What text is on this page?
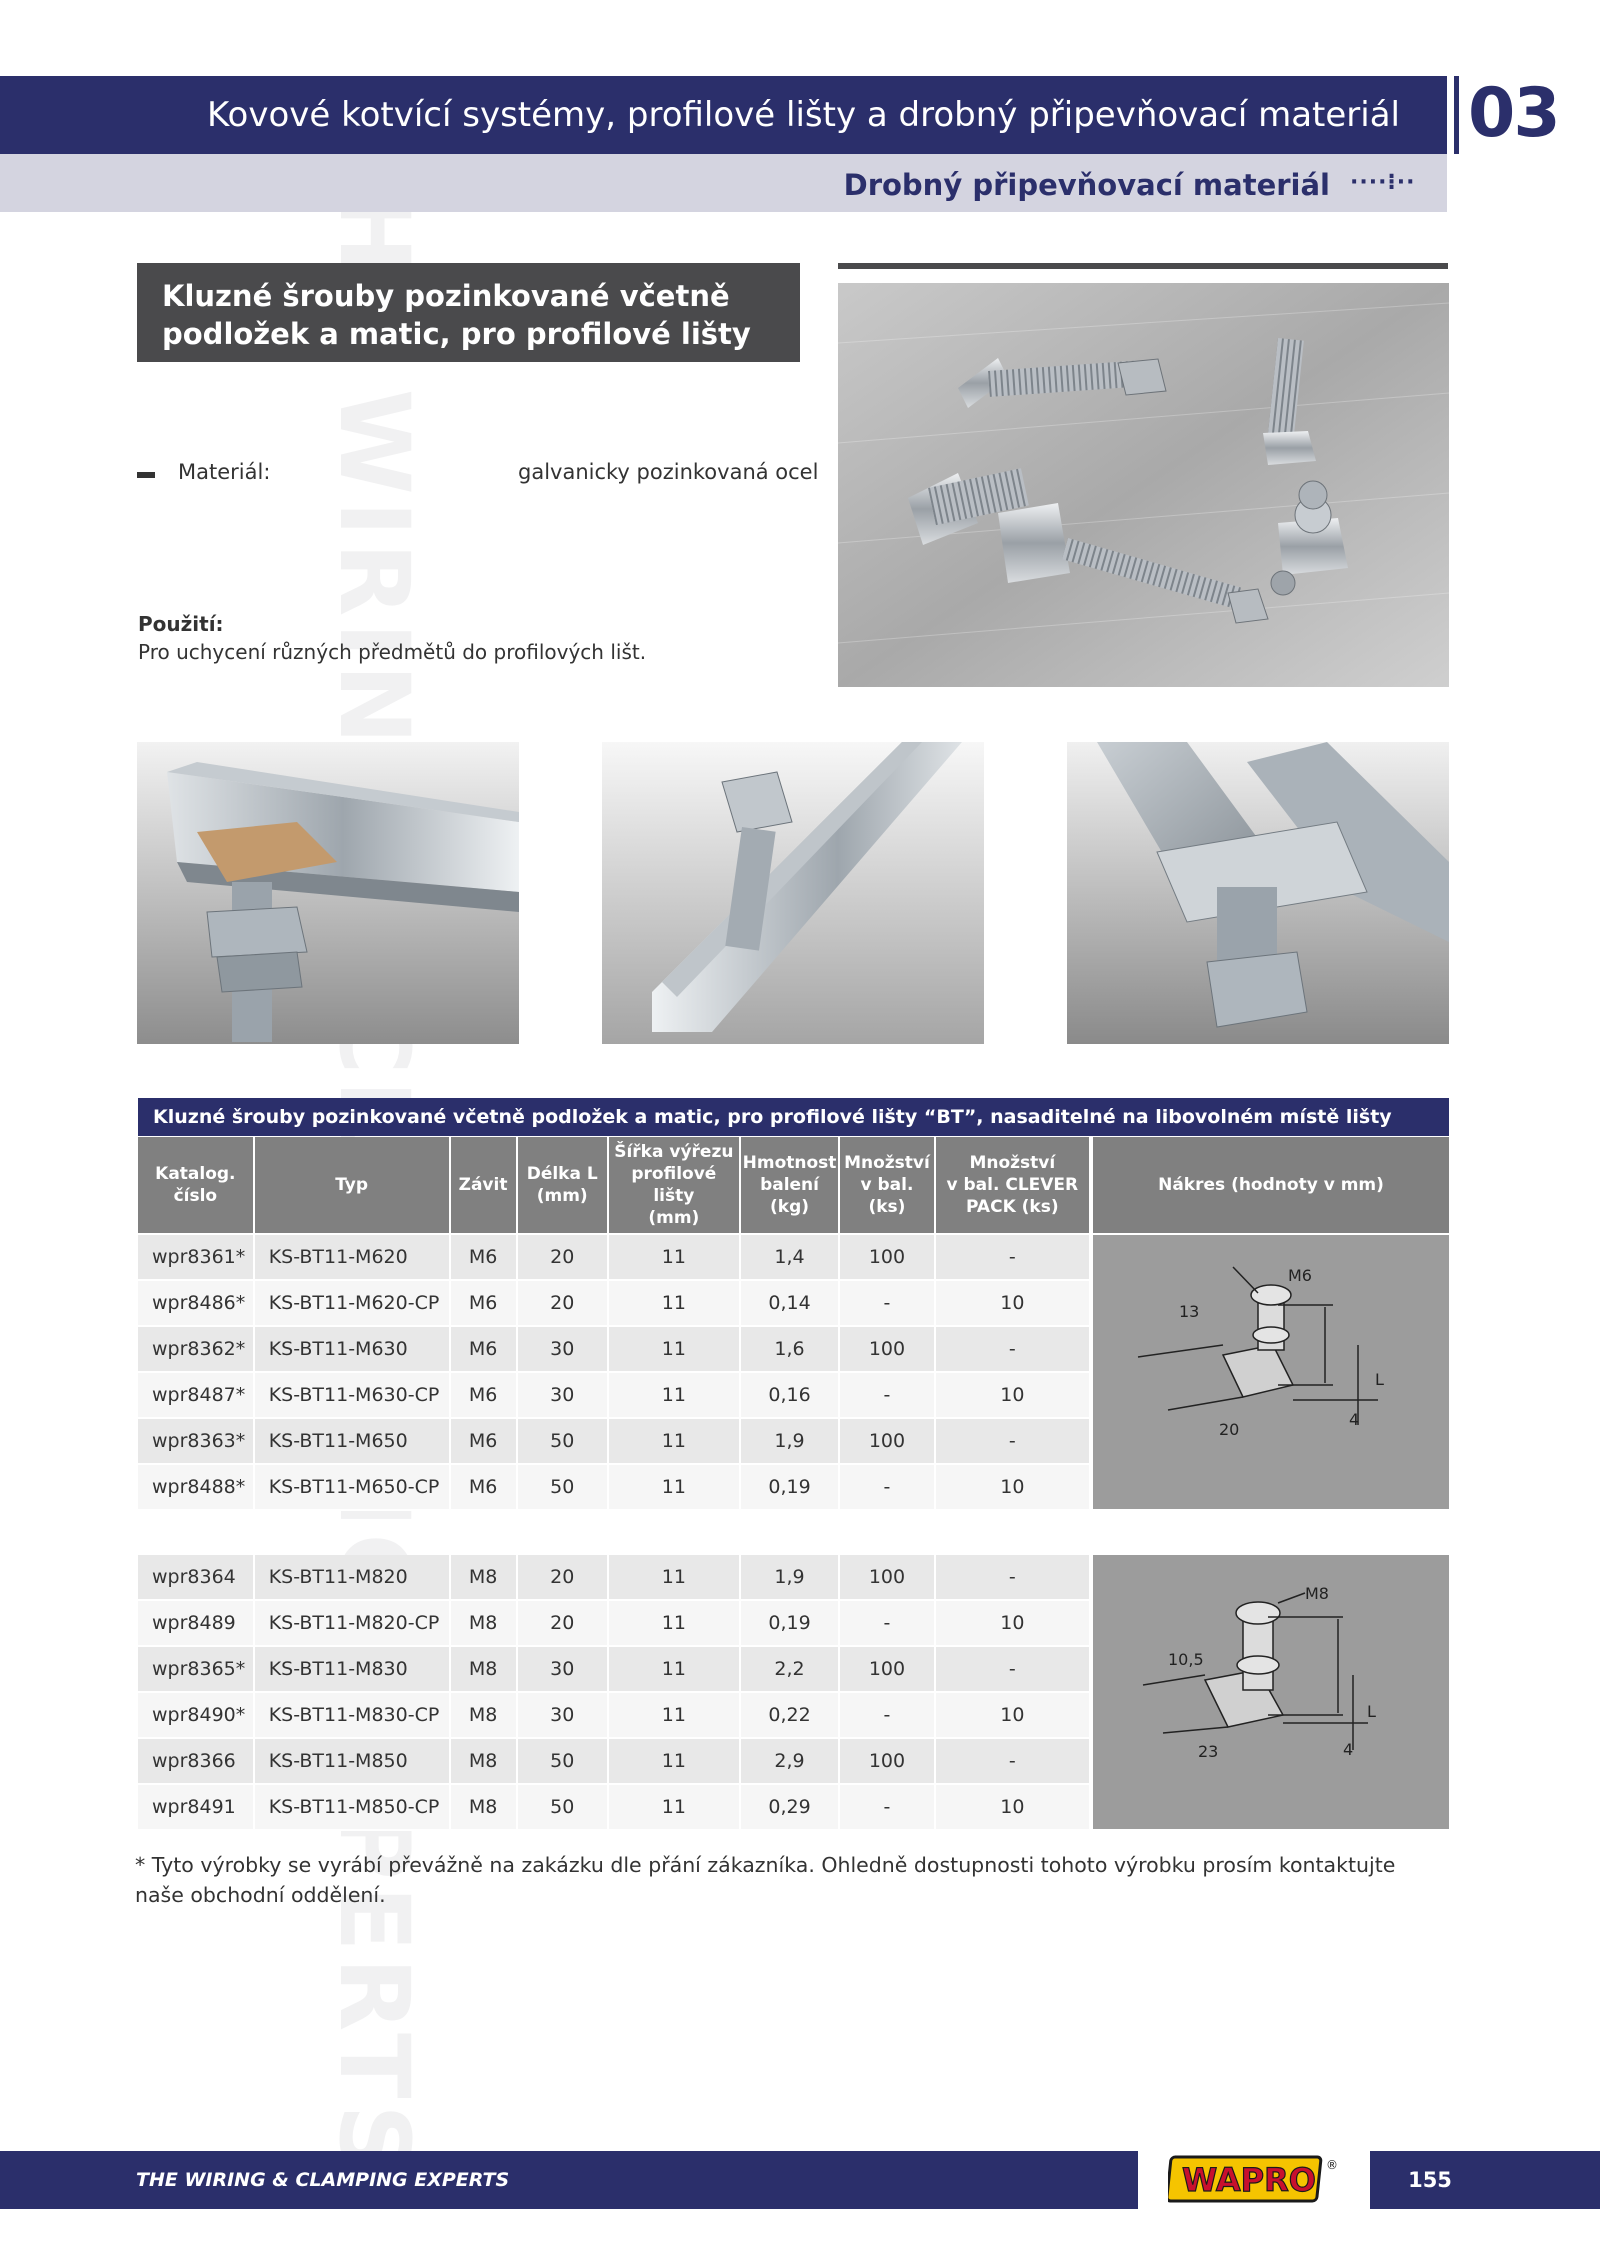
Kovové kotvící systémy, profilové lišty a drobný připevňovací materiál
Drobný připevňovací materiál ····⁝··
03
Kluzné šrouby pozinkované včetně
podložek a matic, pro profilové lišty
Materiál:	galvanicky pozinkovaná ocel
Použití:
Pro uchycení různých předmětů do profilových lišt.
Kluzné šrouby pozinkované včetně podložek a matic, pro profilové lišty “BT”, nasaditelné na libovolném místě lišty
Katalog.
číslo	Typ	Závit	Délka L
(mm)	Šířka výřezu
profilové lišty
(mm)	Hmotnost
balení
(kg)	Množství
v bal. (ks)	Množství
v bal. CLEVER
PACK (ks)
wpr8361*	KS-BT11-M620	M6	20	11	1,4	100	-
wpr8486*	KS-BT11-M620-CP	M6	20	11	0,14	-	10
wpr8362*	KS-BT11-M630	M6	30	11	1,6	100	-
wpr8487*	KS-BT11-M630-CP	M6	30	11	0,16	-	10
wpr8363*	KS-BT11-M650	M6	50	11	1,9	100	-
wpr8488*	KS-BT11-M650-CP	M6	50	11	0,19	-	10
Nákres (hodnoty v mm)
M6
13
20
4
L
wpr8364	KS-BT11-M820	M8	20	11	1,9	100	-
wpr8489	KS-BT11-M820-CP	M8	20	11	0,19	-	10
wpr8365*	KS-BT11-M830	M8	30	11	2,2	100	-
wpr8490*	KS-BT11-M830-CP	M8	30	11	0,22	-	10
wpr8366	KS-BT11-M850	M8	50	11	2,9	100	-
wpr8491	KS-BT11-M850-CP	M8	50	11	0,29	-	10
M8
10,5
23	4
L
* Tyto výrobky se vyrábí převážně na zakázku dle přání zákazníka. Ohledně dostupnosti tohoto výrobku prosím kontaktujte naše obchodní oddělení.
THE WIRING & CLAMPING EXPERTS	WAPRO ®
155
